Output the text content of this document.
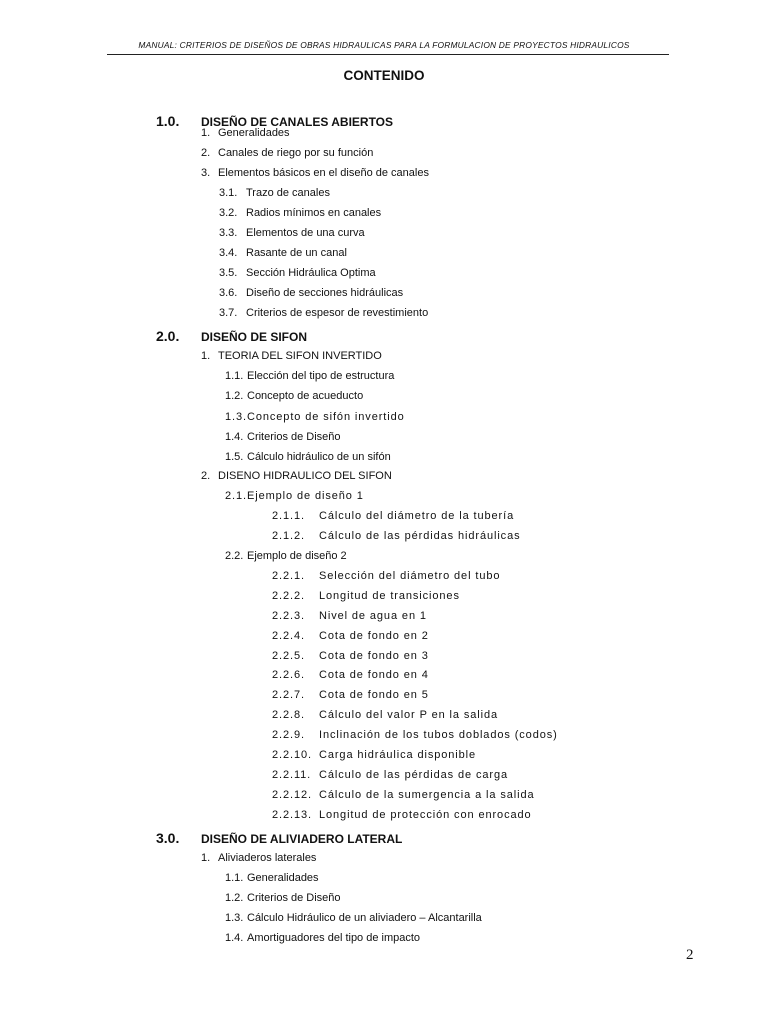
MANUAL: CRITERIOS DE DISEÑOS DE OBRAS HIDRAULICAS PARA LA FORMULACION DE PROYECTOS HIDRAULICOS
CONTENIDO
1.0. DISEÑO DE CANALES ABIERTOS
1. Generalidades
2. Canales de riego por su función
3. Elementos básicos en el diseño de canales
3.1. Trazo de canales
3.2. Radios mínimos en canales
3.3. Elementos de una curva
3.4. Rasante de un canal
3.5. Sección Hidráulica Optima
3.6. Diseño de secciones hidráulicas
3.7. Criterios de espesor de revestimiento
2.0. DISEÑO DE SIFON
1. TEORIA DEL SIFON INVERTIDO
1.1. Elección del tipo de estructura
1.2. Concepto de acueducto
1.3.Concepto de sifón invertido
1.4. Criterios de Diseño
1.5. Cálculo hidráulico de un sifón
2. DISENO HIDRAULICO DEL SIFON
2.1.Ejemplo de diseño 1
2.1.1. Cálculo del diámetro de la tubería
2.1.2. Cálculo de las pérdidas hidráulicas
2.2. Ejemplo de diseño 2
2.2.1. Selección del diámetro del tubo
2.2.2. Longitud de transiciones
2.2.3. Nivel de agua en 1
2.2.4. Cota de fondo en 2
2.2.5. Cota de fondo en 3
2.2.6. Cota de fondo en 4
2.2.7. Cota de fondo en 5
2.2.8. Cálculo del valor P en la salida
2.2.9. Inclinación de los tubos doblados (codos)
2.2.10. Carga hidráulica disponible
2.2.11. Cálculo de las pérdidas de carga
2.2.12. Cálculo de la sumergencia a la salida
2.2.13. Longitud de protección con enrocado
3.0. DISEÑO DE ALIVIADERO LATERAL
1. Aliviaderos laterales
1.1. Generalidades
1.2. Criterios de Diseño
1.3. Cálculo Hidráulico de un aliviadero – Alcantarilla
1.4. Amortiguadores del tipo de impacto
2
